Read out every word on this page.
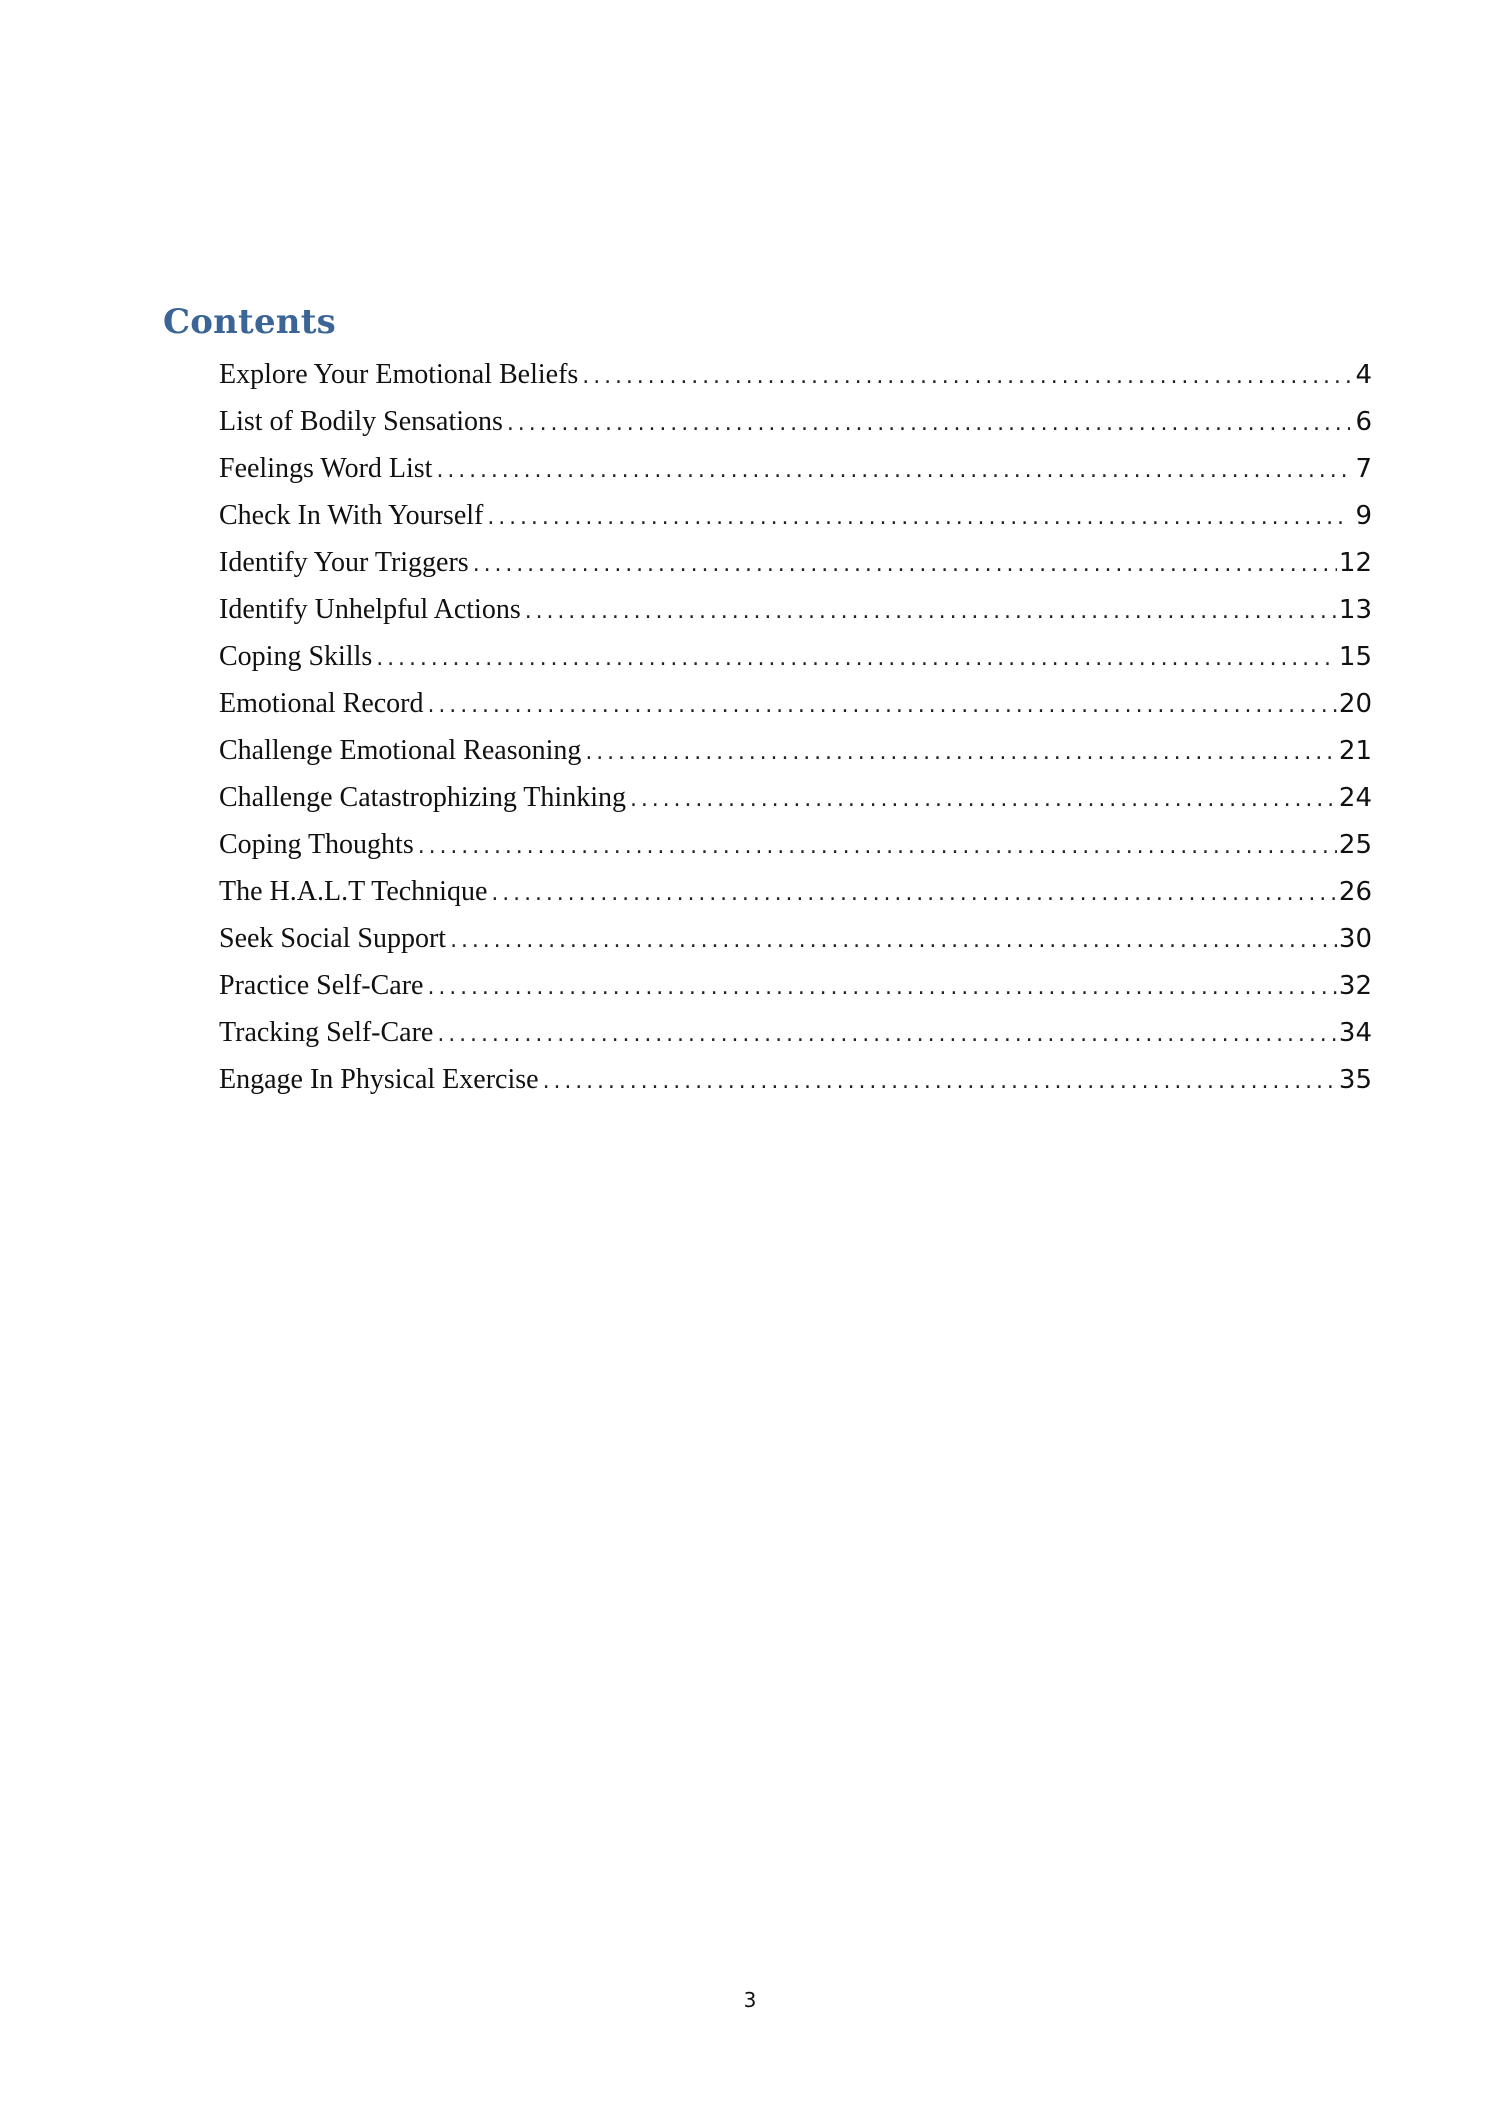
Contents
Explore Your Emotional Beliefs .....	4
List of Bodily Sensations .....	6
Feelings Word List .....	7
Check In With Yourself .....	9
Identify Your Triggers .....	12
Identify Unhelpful Actions .....	13
Coping Skills .....	15
Emotional Record .....	20
Challenge Emotional Reasoning .....	21
Challenge Catastrophizing Thinking .....	24
Coping Thoughts .....	25
The H.A.L.T Technique .....	26
Seek Social Support .....	30
Practice Self-Care .....	32
Tracking Self-Care .....	34
Engage In Physical Exercise .....	35
3
